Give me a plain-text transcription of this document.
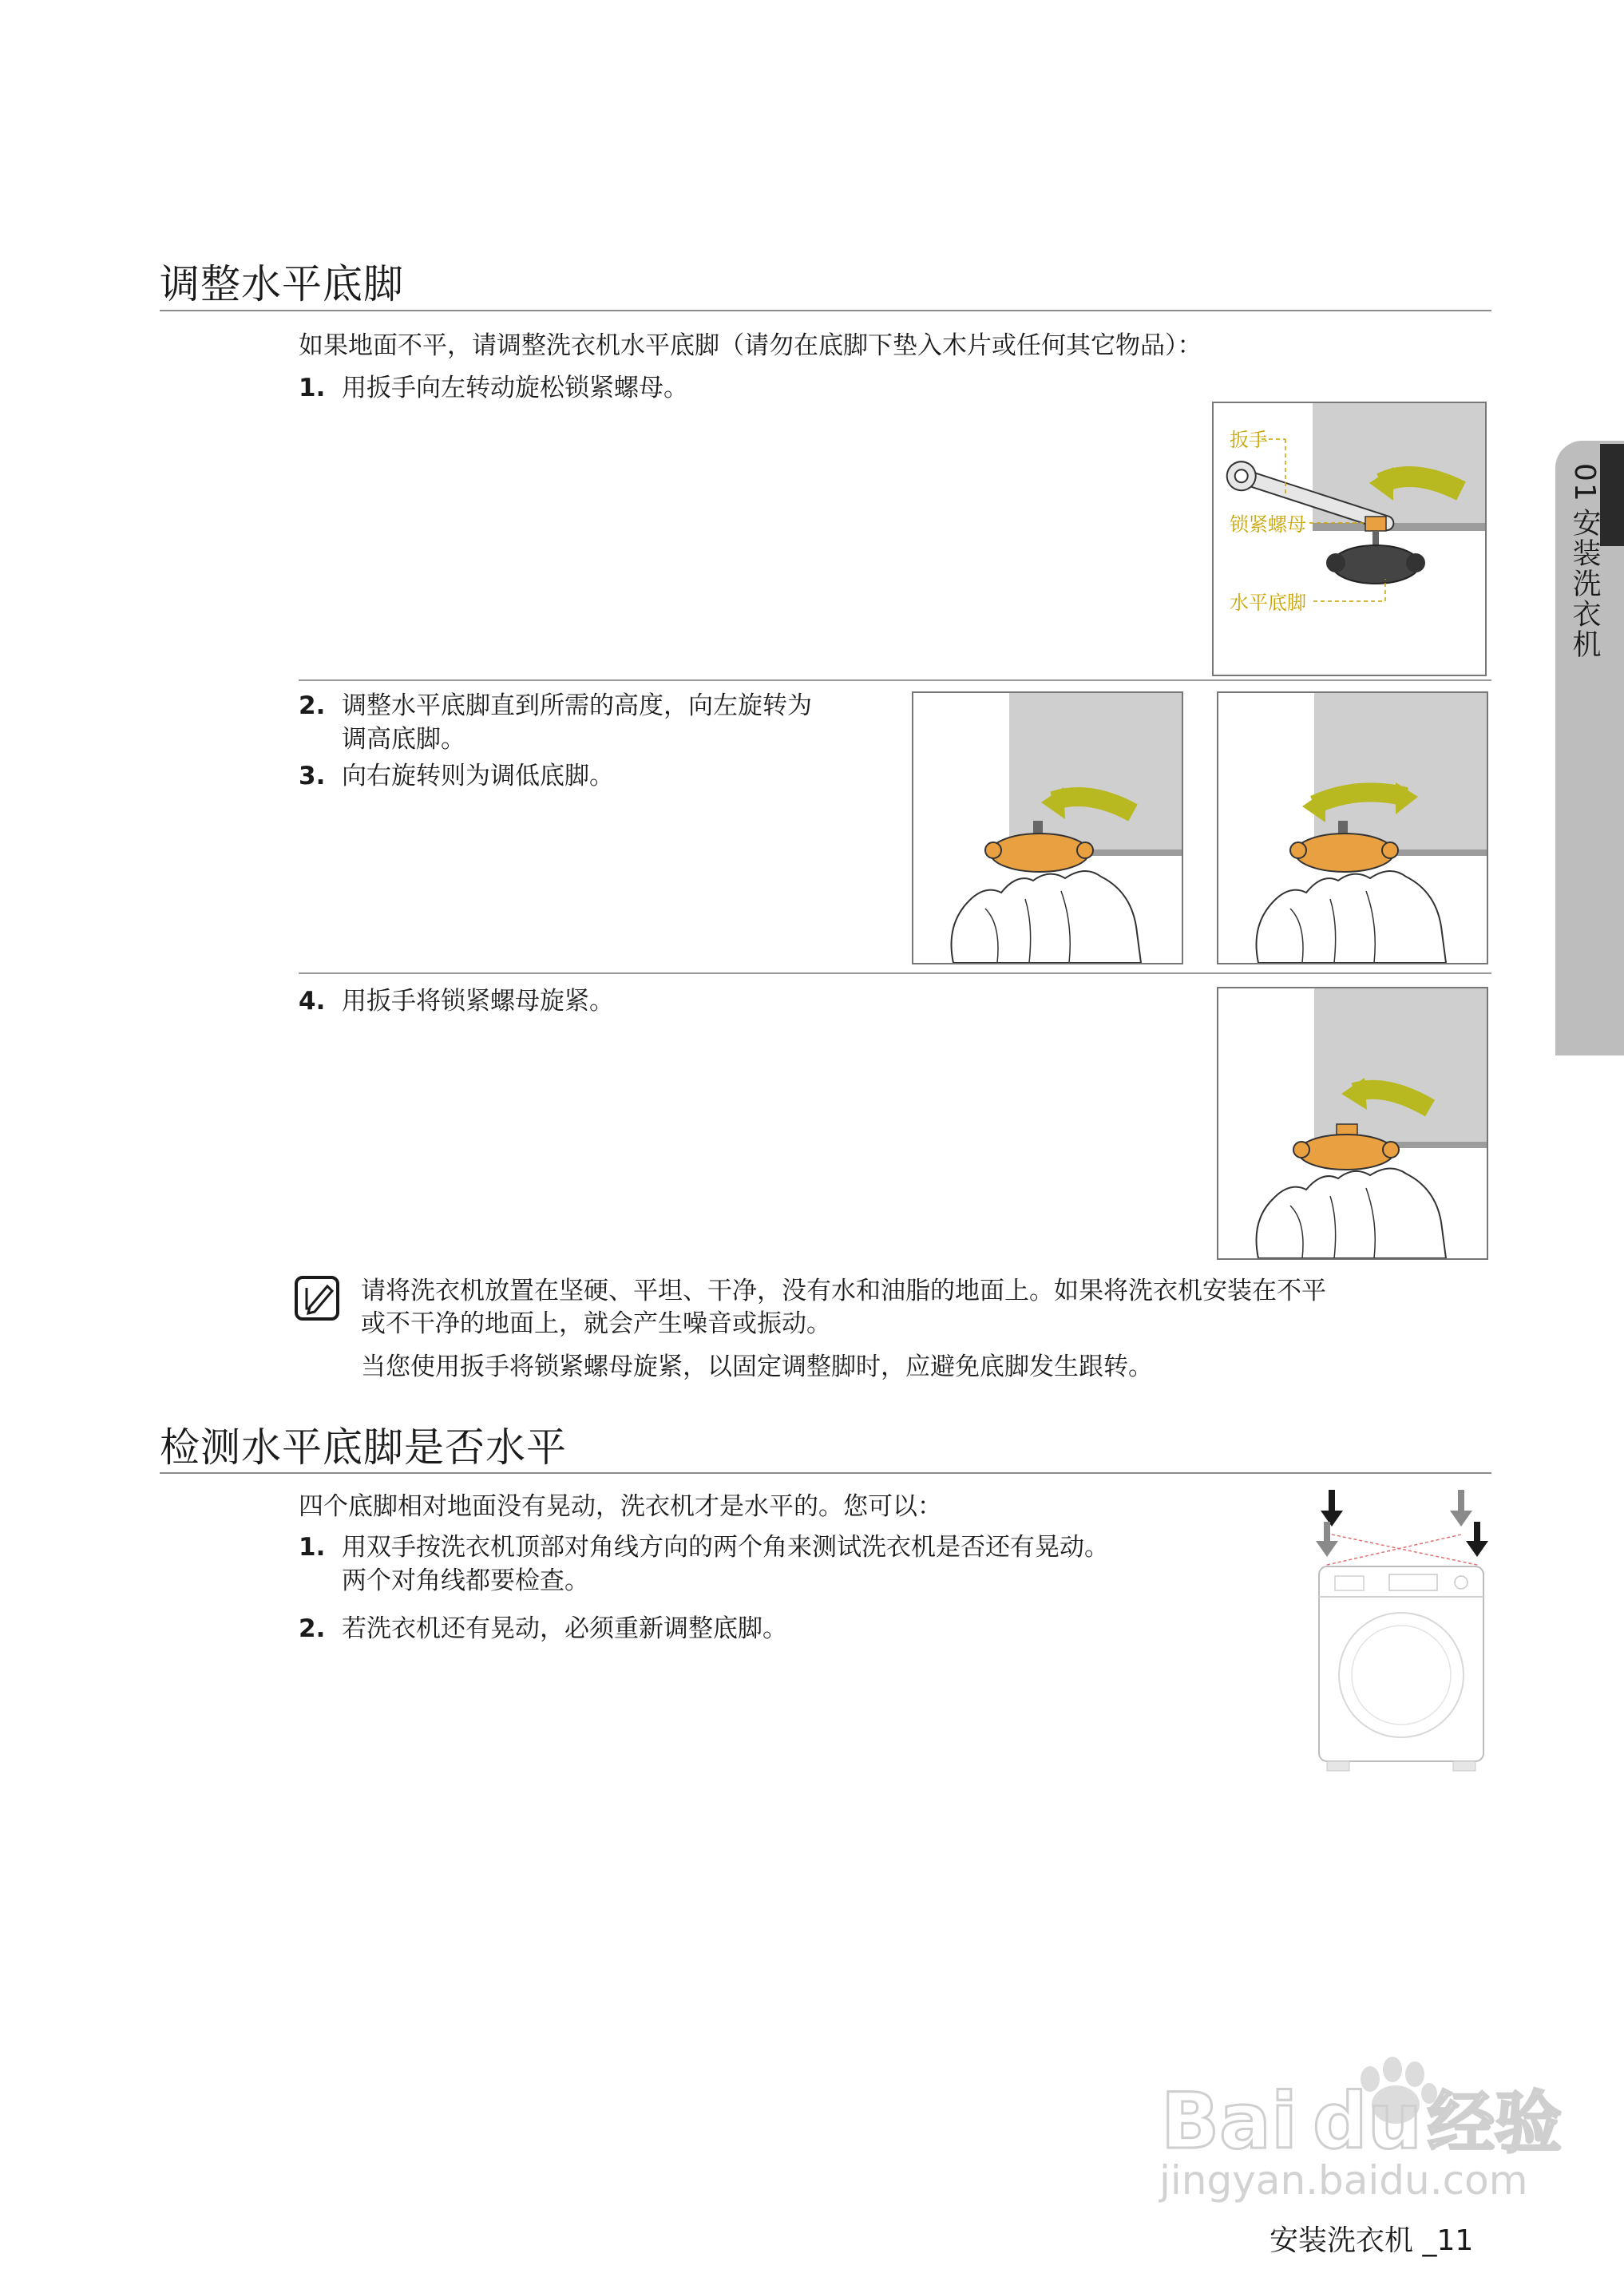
调整水平底脚
如果地面不平，请调整洗衣机水平底脚（请勿在底脚下垫入木片或任何其它物品）：
1. 用扳手向左转动旋松锁紧螺母。
扳手
锁紧螺母
水平底脚
2. 调整水平底脚直到所需的高度，向左旋转为
调高底脚。
3. 向右旋转则为调低底脚。
4. 用扳手将锁紧螺母旋紧。
请将洗衣机放置在坚硬、平坦、干净，没有水和油脂的地面上。如果将洗衣机安装在不平
或不干净的地面上，就会产生噪音或振动。
当您使用扳手将锁紧螺母旋紧，以固定调整脚时，应避免底脚发生跟转。
检测水平底脚是否水平
四个底脚相对地面没有晃动，洗衣机才是水平的。您可以：
1. 用双手按洗衣机顶部对角线方向的两个角来测试洗衣机是否还有晃动。
两个对角线都要检查。
2. 若洗衣机还有晃动，必须重新调整底脚。
01
安装洗衣机
Bai du 经验
jingyan.baidu.com
安装洗衣机 _11
